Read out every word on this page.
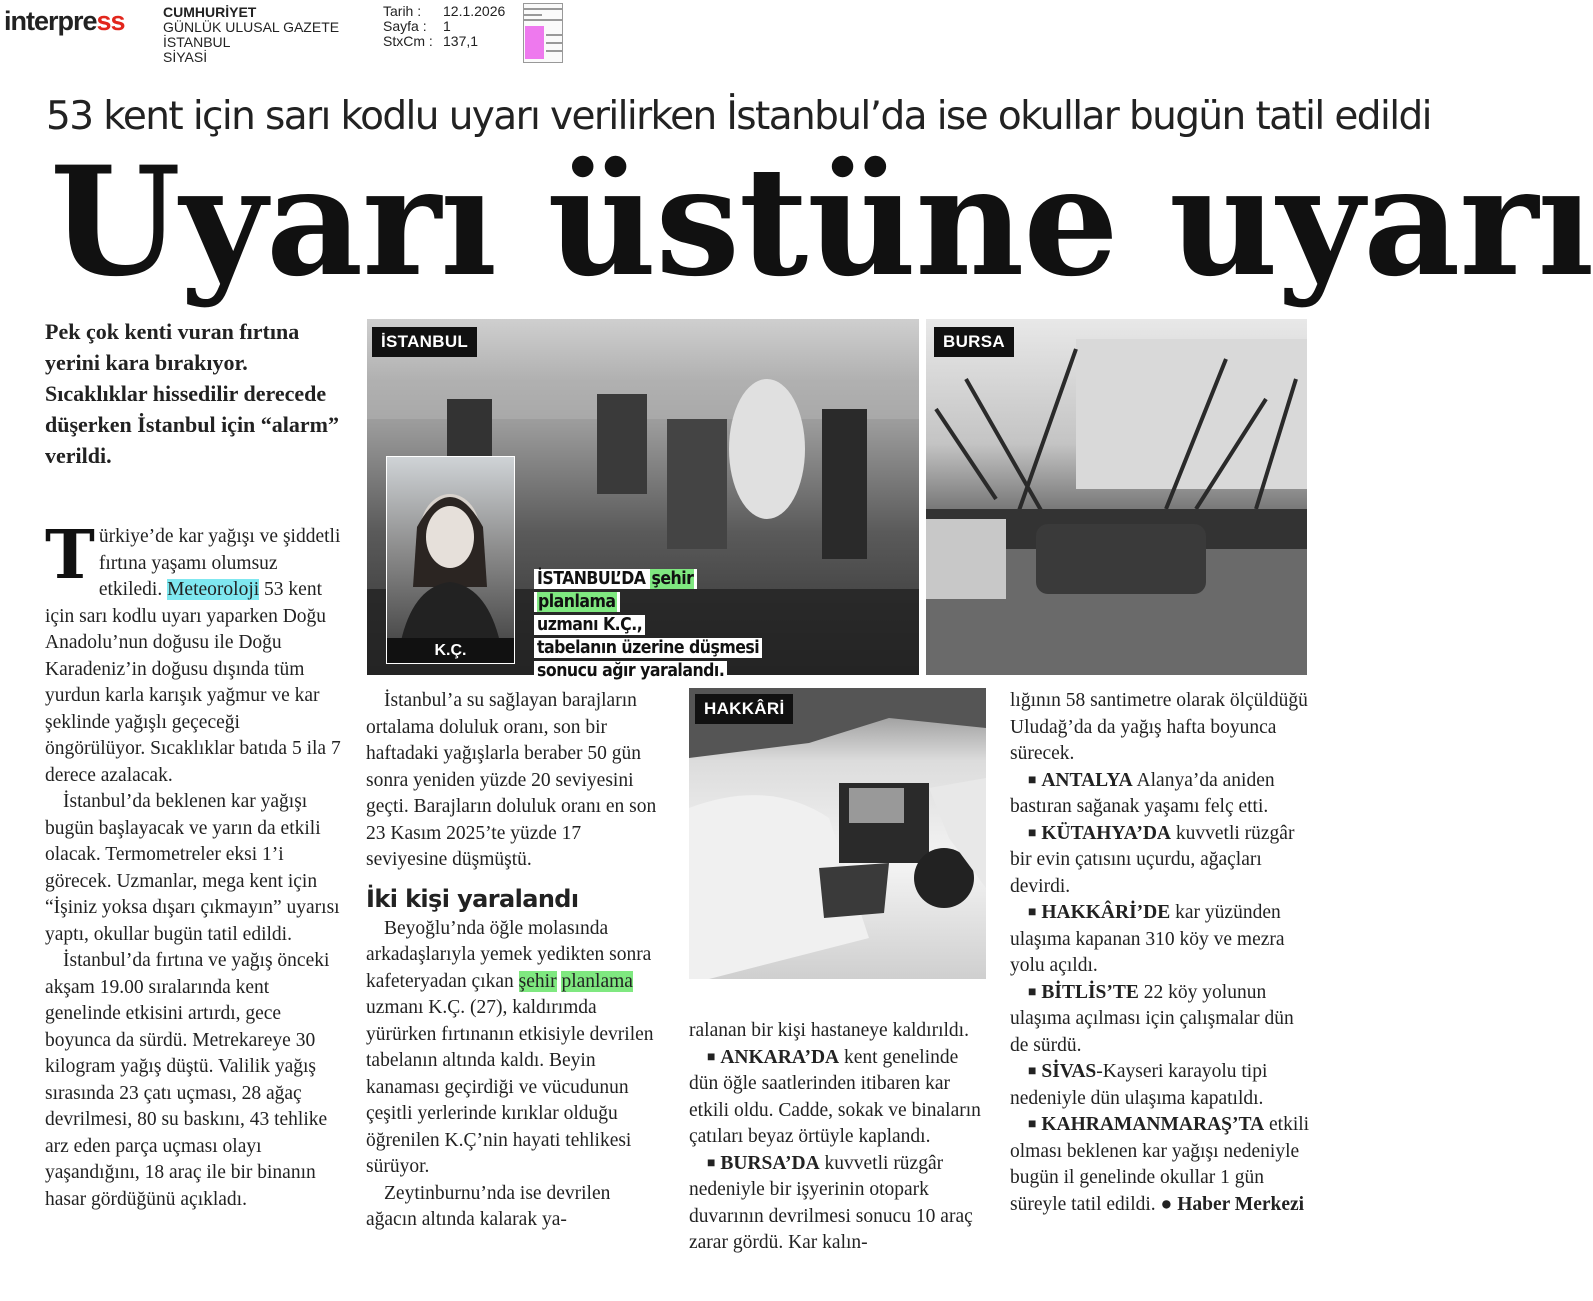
interpress	CUMHURİYET
GÜNLÜK ULUSAL GAZETE
İSTANBUL
SİYASİ
Tarih :
Sayfa :
StxCm :
12.1.2026
1
137,1
53 kent için sarı kodlu uyarı verilirken İstanbul’da ise okullar bugün tatil edildi
Uyarı üstüne uyarı
Pek çok kenti vuran fırtına yerini kara bırakıyor. Sıcaklıklar hissedilir derecede düşerken İstanbul için “alarm” verildi.

Türkiye’de kar yağışı ve şiddetli fırtına yaşamı olumsuz etkiledi. Meteoroloji 53 kent için sarı kodlu uyarı yaparken Doğu Anadolu’nun doğusu ile Doğu Karadeniz’in doğusu dışında tüm yurdun karla karışık yağmur ve kar şeklinde yağışlı geçeceği öngörülüyor. Sıcaklıklar batıda 5 ila 7 derece azalacak.

İstanbul’da beklenen kar yağışı bugün başlayacak ve yarın da etkili olacak. Termometreler eksi 1’i görecek. Uzmanlar, mega kent için “İşiniz yoksa dışarı çıkmayın” uyarısı yaptı, okullar bugün tatil edildi.

İstanbul’da fırtına ve yağış önceki akşam 19.00 sıralarında kent genelinde etkisini artırdı, gece boyunca da sürdü. Metrekareye 30 kilogram yağış düştü. Valilik yağış sırasında 23 çatı uçması, 28 ağaç devrilmesi, 80 su baskını, 43 tehlike arz eden parça uçması olayı yaşandığını, 18 araç ile bir binanın hasar gördüğünü açıkladı.

İSTANBUL
K.Ç.
İSTANBUL’DA şehir planlama
uzmanı K.Ç.,
tabelanın üzerine düşmesi
sonucu ağır yaralandı.
BURSA

İstanbul’a su sağlayan barajların ortalama doluluk oranı, son bir haftadaki yağışlarla beraber 50 gün sonra yeniden yüzde 20 seviyesini geçti. Barajların doluluk oranı en son 23 Kasım 2025’te yüzde 17 seviyesine düşmüştü.

İki kişi yaralandı

Beyoğlu’nda öğle molasında arkadaşlarıyla yemek yedikten sonra kafeteryadan çıkan şehir planlama uzmanı K.Ç. (27), kaldırımda yürürken fırtınanın etkisiyle devrilen tabelanın altında kaldı. Beyin kanaması geçirdiği ve vücudunun çeşitli yerlerinde kırıklar olduğu öğrenilen K.Ç’nin hayati tehlikesi sürüyor.

Zeytinburnu’nda ise devrilen ağacın altında kalarak ya-

HAKKÂRİ

ralanan bir kişi hastaneye kaldırıldı.

■ ANKARA’DA kent genelinde dün öğle saatlerinden itibaren kar etkili oldu. Cadde, sokak ve binaların çatıları beyaz örtüyle kaplandı.

■ BURSA’DA kuvvetli rüzgâr nedeniyle bir işyerinin otopark duvarının devrilmesi sonucu 10 araç zarar gördü. Kar kalın-

lığının 58 santimetre olarak ölçüldüğü Uludağ’da da yağış hafta boyunca sürecek.

■ ANTALYA Alanya’da aniden bastıran sağanak yaşamı felç etti.

■ KÜTAHYA’DA kuvvetli rüzgâr bir evin çatısını uçurdu, ağaçları devirdi.

■ HAKKÂRİ’DE kar yüzünden ulaşıma kapanan 310 köy ve mezra yolu açıldı.

■ BİTLİS’TE 22 köy yolunun ulaşıma açılması için çalışmalar dün de sürdü.

■ SİVAS-Kayseri karayolu tipi nedeniyle dün ulaşıma kapatıldı.

■ KAHRAMANMARAŞ’TA etkili olması beklenen kar yağışı nedeniyle bugün il genelinde okullar 1 gün süreyle tatil edildi. ● Haber Merkezi
